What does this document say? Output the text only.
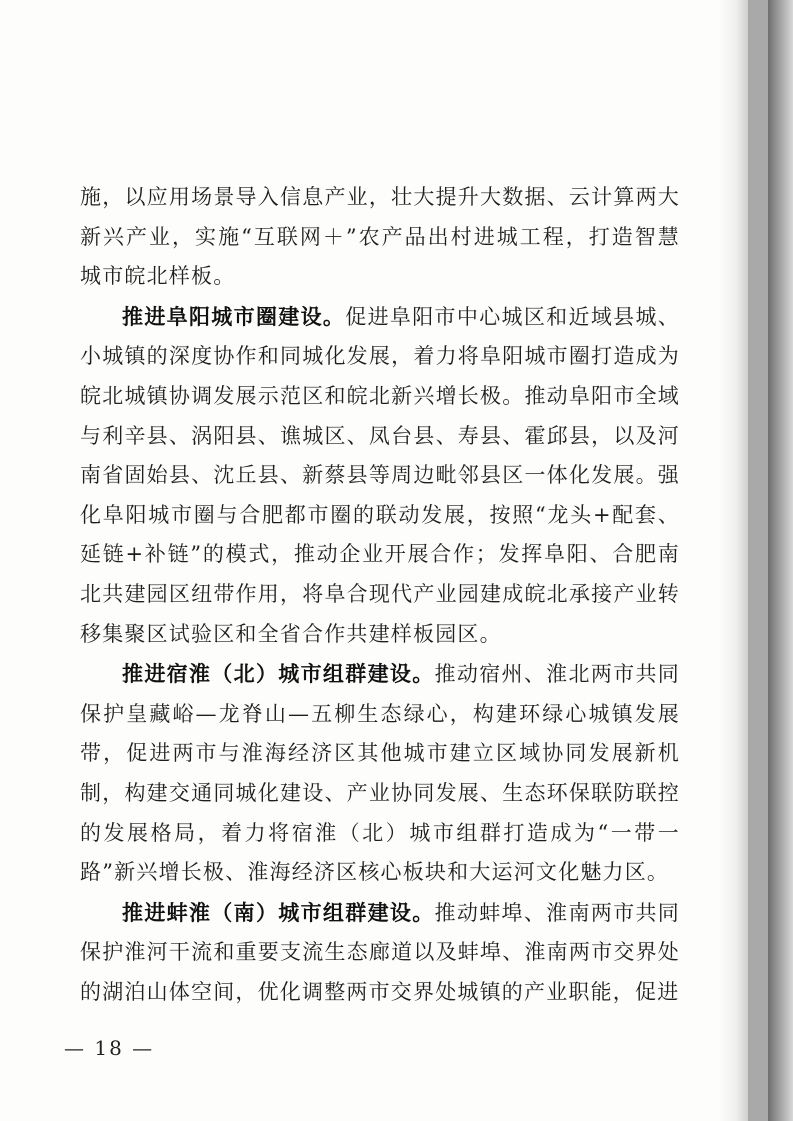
施，以应用场景导入信息产业，壮大提升大数据、云计算两大新兴产业，实施“互联网＋”农产品出村进城工程，打造智慧城市皖北样板。

推进阜阳城市圈建设。促进阜阳市中心城区和近域县城、小城镇的深度协作和同城化发展，着力将阜阳城市圈打造成为皖北城镇协调发展示范区和皖北新兴增长极。推动阜阳市全域与利辛县、涡阳县、谯城区、凤台县、寿县、霍邱县，以及河南省固始县、沈丘县、新蔡县等周边毗邻县区一体化发展。强化阜阳城市圈与合肥都市圈的联动发展，按照“龙头+配套、延链+补链”的模式，推动企业开展合作；发挥阜阳、合肥南北共建园区纽带作用，将阜合现代产业园建成皖北承接产业转移集聚区试验区和全省合作共建样板园区。

推进宿淮（北）城市组群建设。推动宿州、淮北两市共同保护皇藏峪—龙脊山—五柳生态绿心，构建环绿心城镇发展带，促进两市与淮海经济区其他城市建立区域协同发展新机制，构建交通同城化建设、产业协同发展、生态环保联防联控的发展格局，着力将宿淮（北）城市组群打造成为“一带一路”新兴增长极、淮海经济区核心板块和大运河文化魅力区。

推进蚌淮（南）城市组群建设。推动蚌埠、淮南两市共同保护淮河干流和重要支流生态廊道以及蚌埠、淮南两市交界处的湖泊山体空间，优化调整两市交界处城镇的产业职能，促进

— 18 —
